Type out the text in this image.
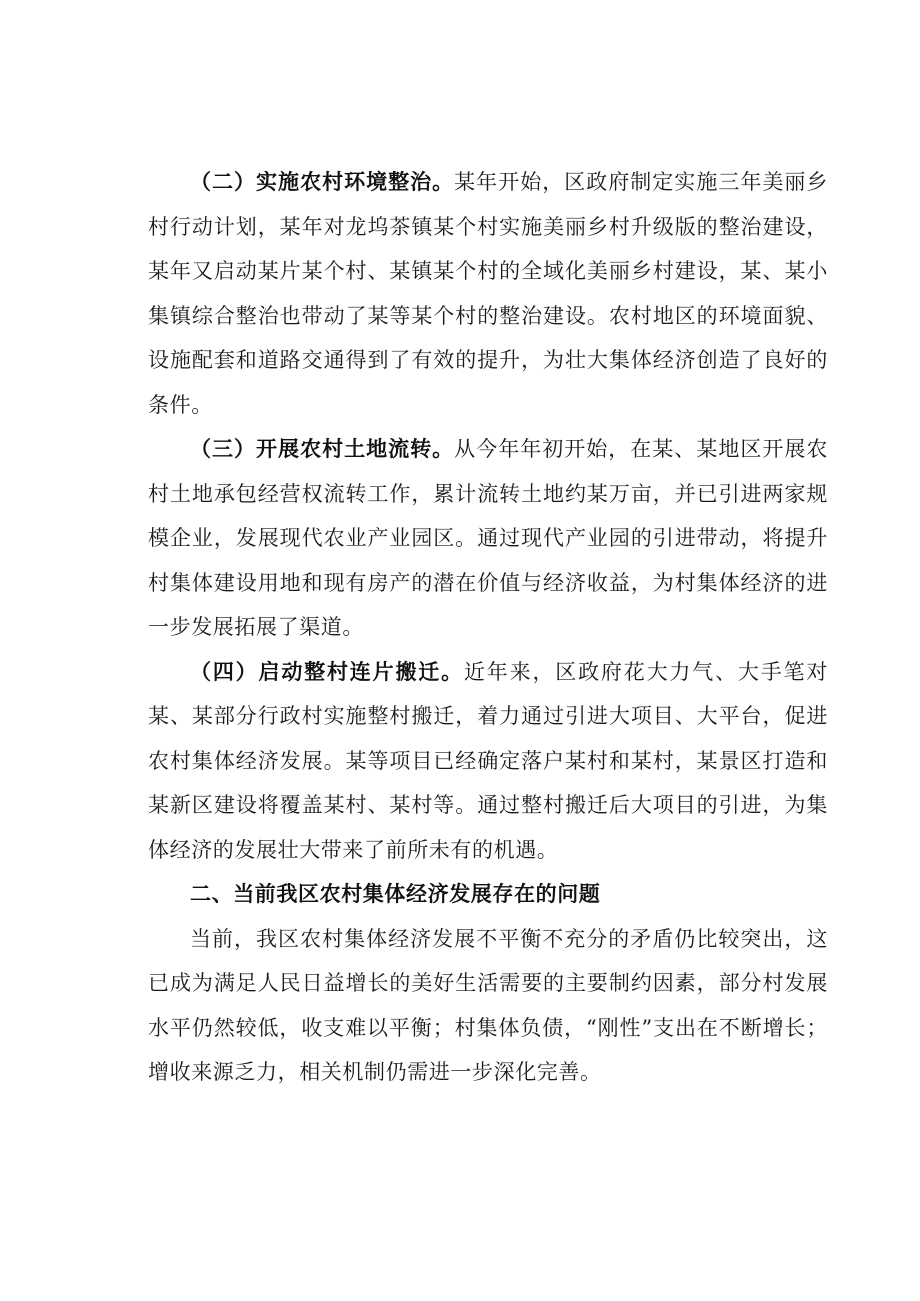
（二）实施农村环境整治。某年开始，区政府制定实施三年美丽乡村行动计划，某年对龙坞茶镇某个村实施美丽乡村升级版的整治建设，某年又启动某片某个村、某镇某个村的全域化美丽乡村建设，某、某小集镇综合整治也带动了某等某个村的整治建设。农村地区的环境面貌、设施配套和道路交通得到了有效的提升，为壮大集体经济创造了良好的条件。

（三）开展农村土地流转。从今年年初开始，在某、某地区开展农村土地承包经营权流转工作，累计流转土地约某万亩，并已引进两家规模企业，发展现代农业产业园区。通过现代产业园的引进带动，将提升村集体建设用地和现有房产的潜在价值与经济收益，为村集体经济的进一步发展拓展了渠道。

（四）启动整村连片搬迁。近年来，区政府花大力气、大手笔对某、某部分行政村实施整村搬迁，着力通过引进大项目、大平台，促进农村集体经济发展。某等项目已经确定落户某村和某村，某景区打造和某新区建设将覆盖某村、某村等。通过整村搬迁后大项目的引进，为集体经济的发展壮大带来了前所未有的机遇。

二、当前我区农村集体经济发展存在的问题

当前，我区农村集体经济发展不平衡不充分的矛盾仍比较突出，这已成为满足人民日益增长的美好生活需要的主要制约因素，部分村发展水平仍然较低，收支难以平衡；村集体负债，“刚性”支出在不断增长；增收来源乏力，相关机制仍需进一步深化完善。
